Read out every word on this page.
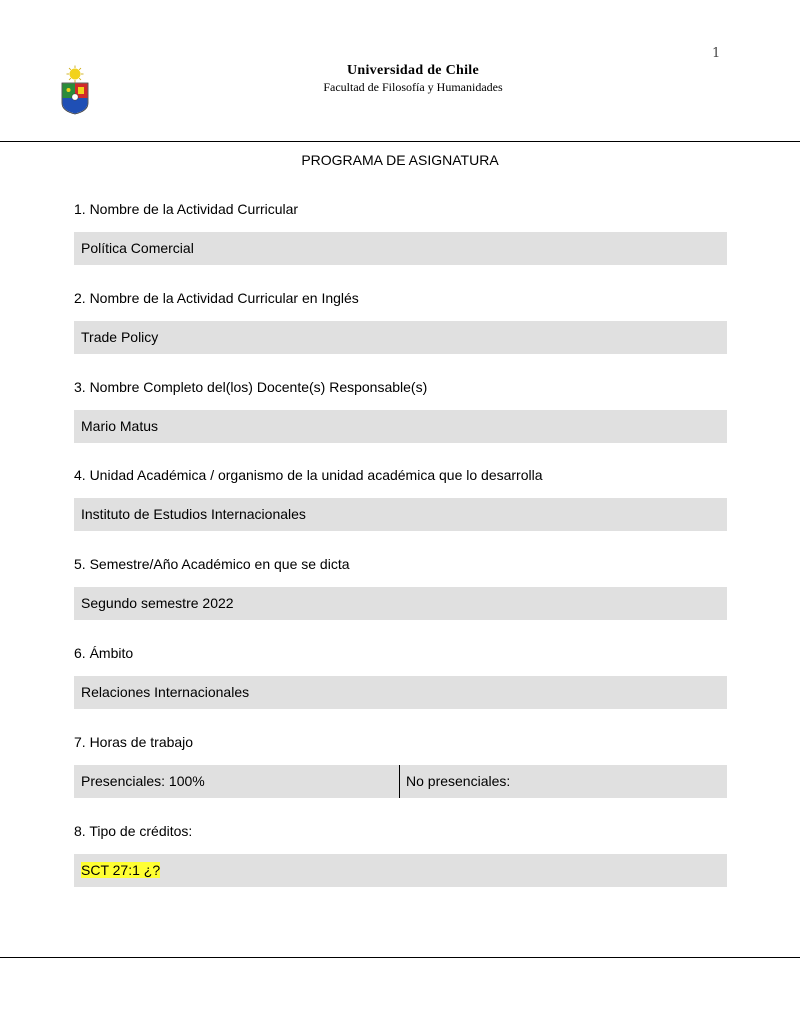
1
Universidad de Chile
Facultad de Filosofía y Humanidades
PROGRAMA DE ASIGNATURA
1. Nombre de la Actividad Curricular
Política Comercial
2. Nombre de la Actividad Curricular en Inglés
Trade Policy
3. Nombre Completo del(los) Docente(s) Responsable(s)
Mario Matus
4. Unidad Académica / organismo de la unidad académica que lo desarrolla
Instituto de Estudios Internacionales
5. Semestre/Año Académico en que se dicta
Segundo semestre 2022
6. Ámbito
Relaciones Internacionales
7. Horas de trabajo
Presenciales: 100%	No presenciales:
8. Tipo de créditos:
SCT 27:1 ¿?
